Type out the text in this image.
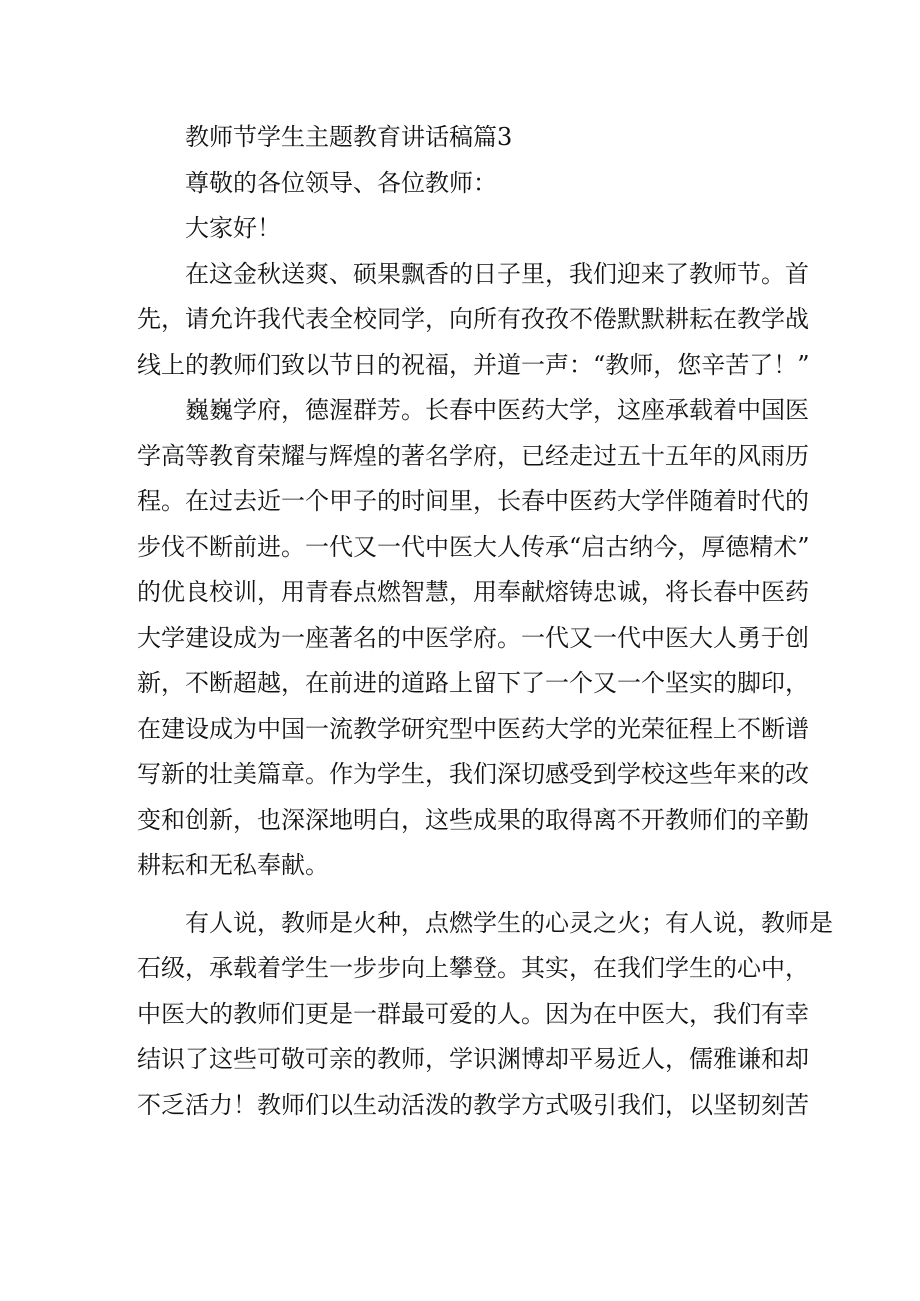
教师节学生主题教育讲话稿篇3
尊敬的各位领导、各位教师：
大家好！
在这金秋送爽、硕果飘香的日子里，我们迎来了教师节。首
先，请允许我代表全校同学，向所有孜孜不倦默默耕耘在教学战
线上的教师们致以节日的祝福，并道一声：“教师，您辛苦了！”
巍巍学府，德渥群芳。长春中医药大学，这座承载着中国医
学高等教育荣耀与辉煌的著名学府，已经走过五十五年的风雨历
程。在过去近一个甲子的时间里，长春中医药大学伴随着时代的
步伐不断前进。一代又一代中医大人传承“启古纳今，厚德精术”
的优良校训，用青春点燃智慧，用奉献熔铸忠诚，将长春中医药
大学建设成为一座著名的中医学府。一代又一代中医大人勇于创
新，不断超越，在前进的道路上留下了一个又一个坚实的脚印，
在建设成为中国一流教学研究型中医药大学的光荣征程上不断谱
写新的壮美篇章。作为学生，我们深切感受到学校这些年来的改
变和创新，也深深地明白，这些成果的取得离不开教师们的辛勤
耕耘和无私奉献。
有人说，教师是火种，点燃学生的心灵之火；有人说，教师是
石级，承载着学生一步步向上攀登。其实，在我们学生的心中，
中医大的教师们更是一群最可爱的人。因为在中医大，我们有幸
结识了这些可敬可亲的教师，学识渊博却平易近人，儒雅谦和却
不乏活力！教师们以生动活泼的教学方式吸引我们，以坚韧刻苦
